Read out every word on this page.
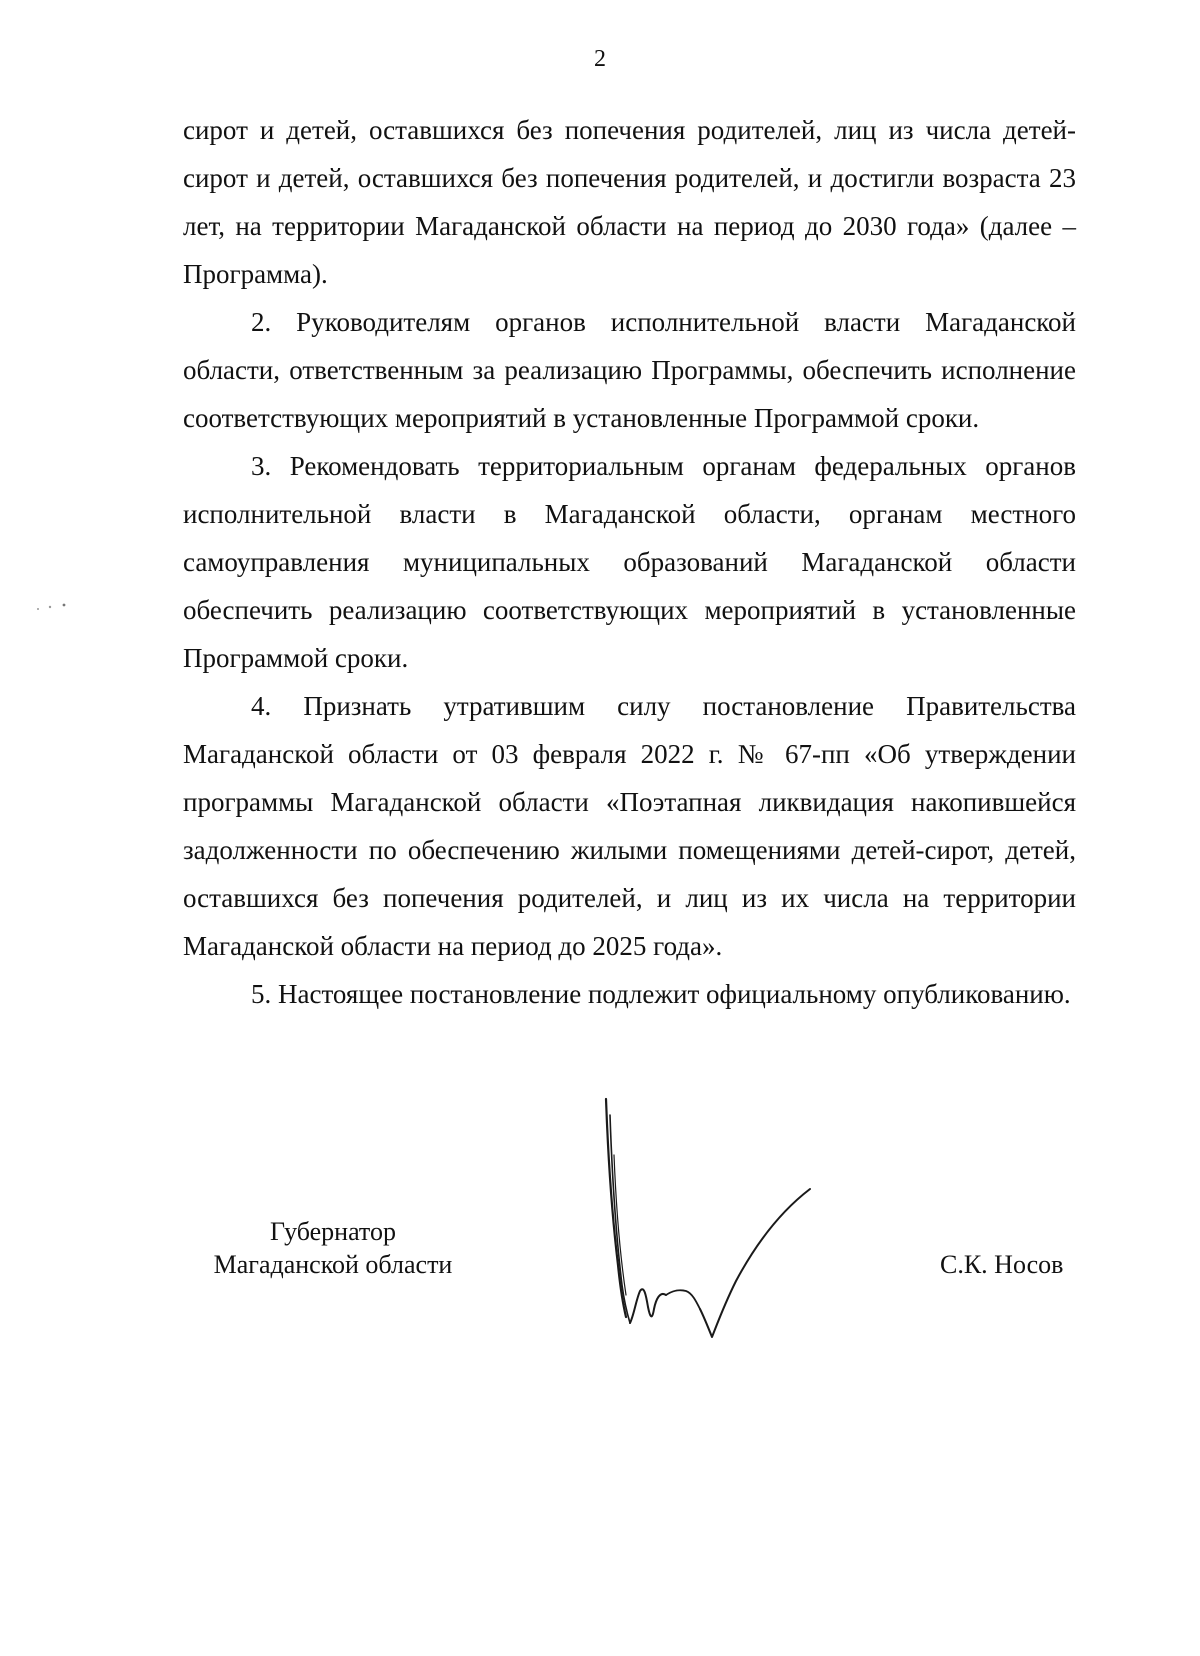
2

сирот и детей, оставшихся без попечения родителей, лиц из числа детей-сирот и детей, оставшихся без попечения родителей, и достигли возраста 23 лет, на территории Магаданской области на период до 2030 года» (далее – Программа).

2. Руководителям органов исполнительной власти Магаданской области, ответственным за реализацию Программы, обеспечить исполнение соответствующих мероприятий в установленные Программой сроки.

3. Рекомендовать территориальным органам федеральных органов исполнительной власти в Магаданской области, органам местного самоуправления муниципальных образований Магаданской области обеспечить реализацию соответствующих мероприятий в установленные Программой сроки.

4. Признать утратившим силу постановление Правительства Магаданской области от 03 февраля 2022 г. № 67-пп «Об утверждении программы Магаданской области «Поэтапная ликвидация накопившейся задолженности по обеспечению жилыми помещениями детей-сирот, детей, оставшихся без попечения родителей, и лиц из их числа на территории Магаданской области на период до 2025 года».

5. Настоящее постановление подлежит официальному опубликованию.

Губернатор
Магаданской области	С.К. Носов
